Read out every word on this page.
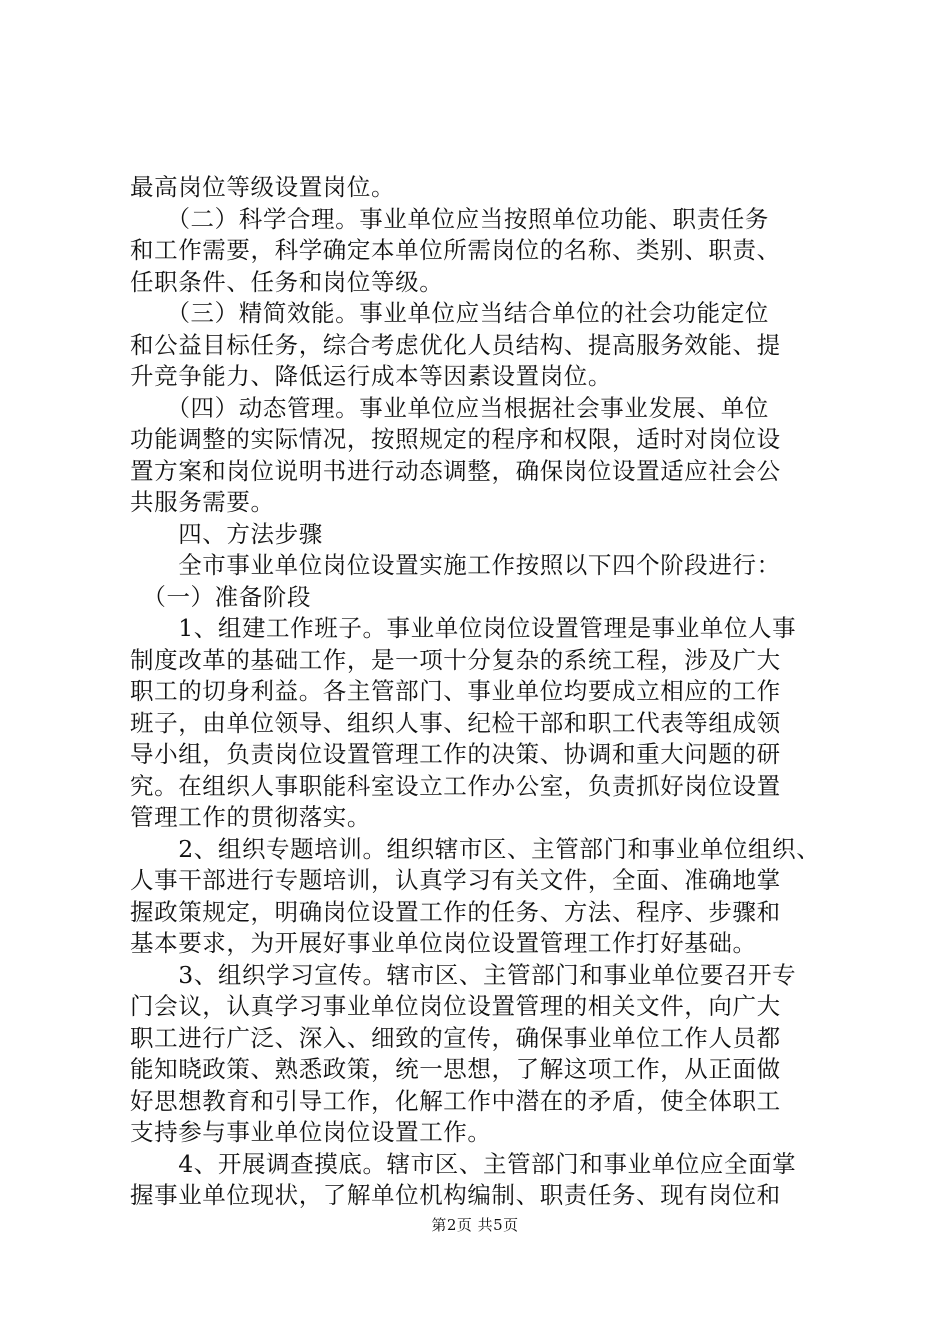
最高岗位等级设置岗位。
　　（二）科学合理。事业单位应当按照单位功能、职责任务
和工作需要，科学确定本单位所需岗位的名称、类别、职责、
任职条件、任务和岗位等级。
　　（三）精简效能。事业单位应当结合单位的社会功能定位
和公益目标任务，综合考虑优化人员结构、提高服务效能、提
升竞争能力、降低运行成本等因素设置岗位。
　　（四）动态管理。事业单位应当根据社会事业发展、单位
功能调整的实际情况，按照规定的程序和权限，适时对岗位设
置方案和岗位说明书进行动态调整，确保岗位设置适应社会公
共服务需要。
　　四、方法步骤
　　全市事业单位岗位设置实施工作按照以下四个阶段进行：
　（一）准备阶段
　　1、组建工作班子。事业单位岗位设置管理是事业单位人事
制度改革的基础工作，是一项十分复杂的系统工程，涉及广大
职工的切身利益。各主管部门、事业单位均要成立相应的工作
班子，由单位领导、组织人事、纪检干部和职工代表等组成领
导小组，负责岗位设置管理工作的决策、协调和重大问题的研
究。在组织人事职能科室设立工作办公室，负责抓好岗位设置
管理工作的贯彻落实。
　　2、组织专题培训。组织辖市区、主管部门和事业单位组织、
人事干部进行专题培训，认真学习有关文件，全面、准确地掌
握政策规定，明确岗位设置工作的任务、方法、程序、步骤和
基本要求，为开展好事业单位岗位设置管理工作打好基础。
　　3、组织学习宣传。辖市区、主管部门和事业单位要召开专
门会议，认真学习事业单位岗位设置管理的相关文件，向广大
职工进行广泛、深入、细致的宣传，确保事业单位工作人员都
能知晓政策、熟悉政策，统一思想，了解这项工作，从正面做
好思想教育和引导工作，化解工作中潜在的矛盾，使全体职工
支持参与事业单位岗位设置工作。
　　4、开展调查摸底。辖市区、主管部门和事业单位应全面掌
握事业单位现状，了解单位机构编制、职责任务、现有岗位和
第2页 共5页
